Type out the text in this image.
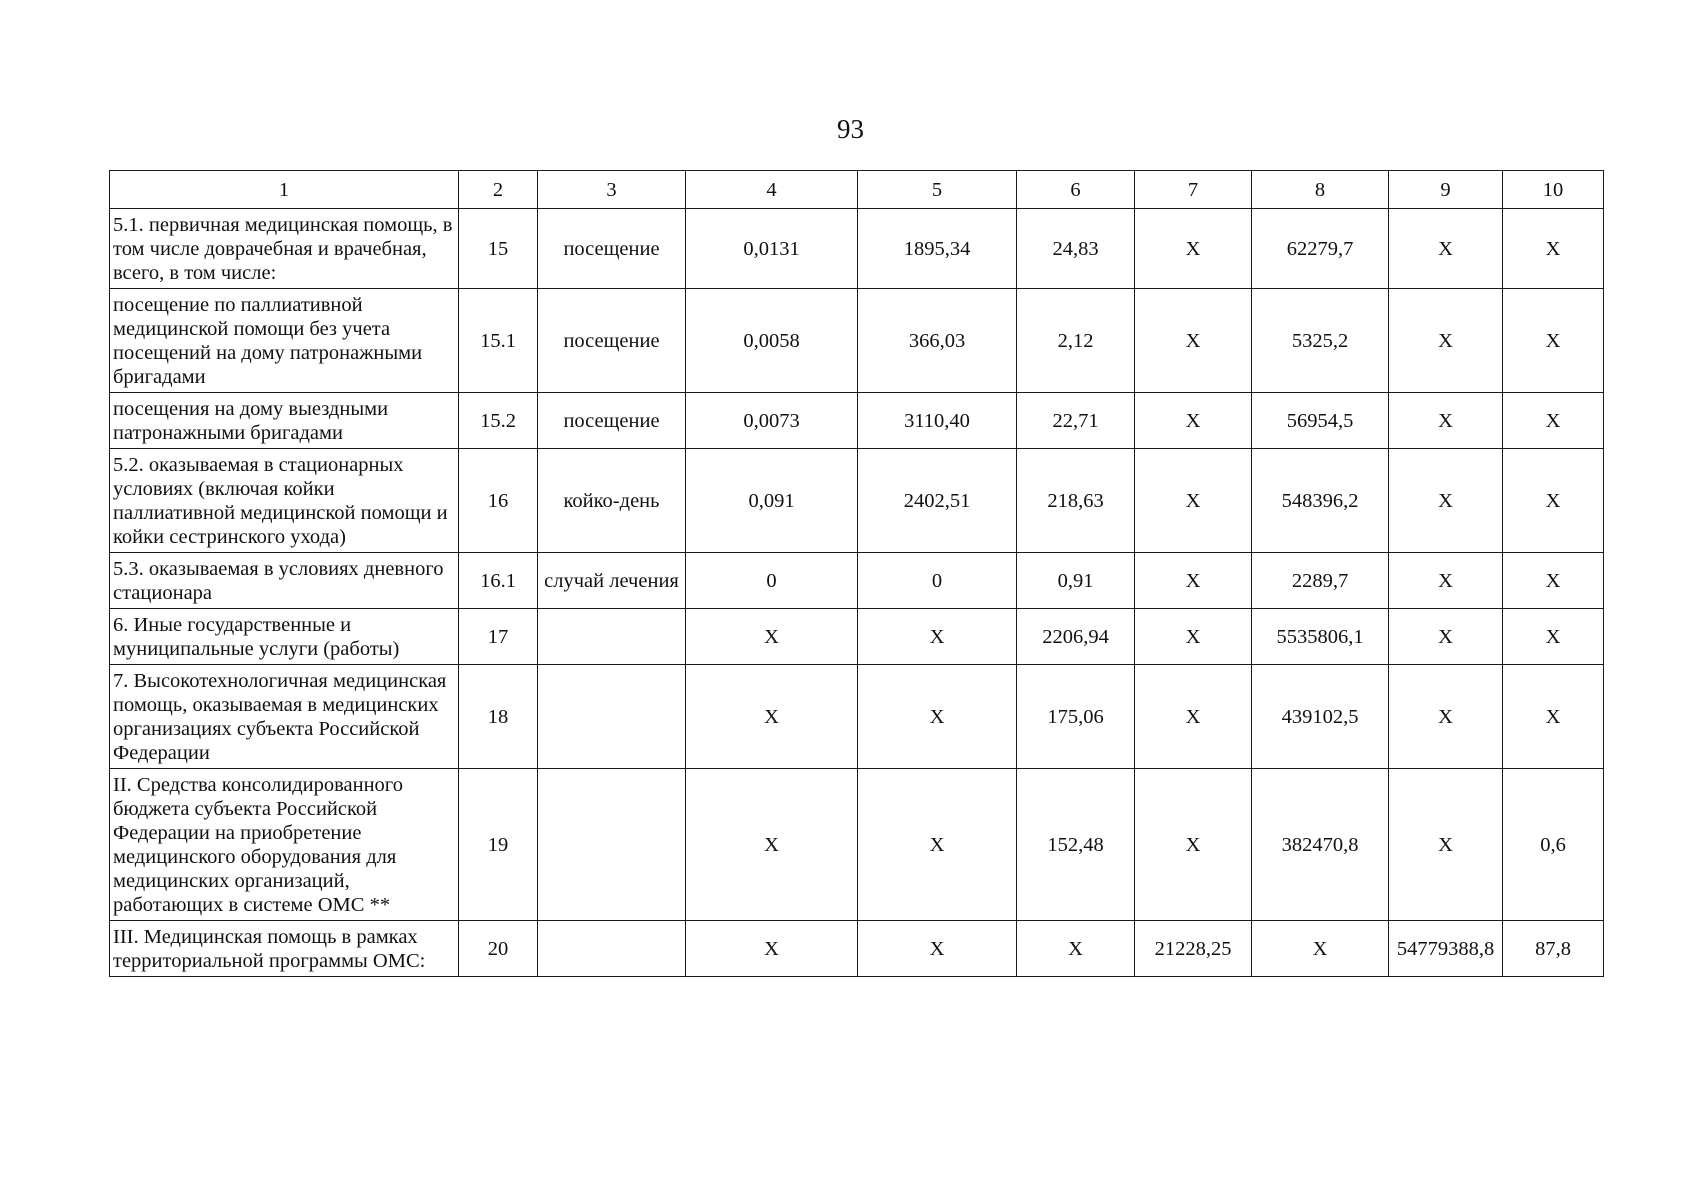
93
1	2	3	4	5	6	7	8	9	10
5.1. первичная медицинская помощь, в том числе доврачебная и врачебная, всего, в том числе:	15	посещение	0,0131	1895,34	24,83	X	62279,7	X	X
посещение по паллиативной медицинской помощи без учета посещений на дому патронажными бригадами	15.1	посещение	0,0058	366,03	2,12	X	5325,2	X	X
посещения на дому выездными патронажными бригадами	15.2	посещение	0,0073	3110,40	22,71	X	56954,5	X	X
5.2. оказываемая в стационарных условиях (включая койки паллиативной медицинской помощи и койки сестринского ухода)	16	койко-день	0,091	2402,51	218,63	X	548396,2	X	X
5.3. оказываемая в условиях дневного стационара	16.1	случай лечения	0	0	0,91	X	2289,7	X	X
6. Иные государственные и муниципальные услуги (работы)	17		X	X	2206,94	X	5535806,1	X	X
7. Высокотехнологичная медицинская помощь, оказываемая в медицинских организациях субъекта Российской Федерации	18		X	X	175,06	X	439102,5	X	X
II. Средства консолидированного бюджета субъекта Российской Федерации на приобретение медицинского оборудования для медицинских организаций, работающих в системе ОМС **	19		X	X	152,48	X	382470,8	X	0,6
III. Медицинская помощь в рамках территориальной программы ОМС:	20		X	X	X	21228,25	X	54779388,8	87,8
